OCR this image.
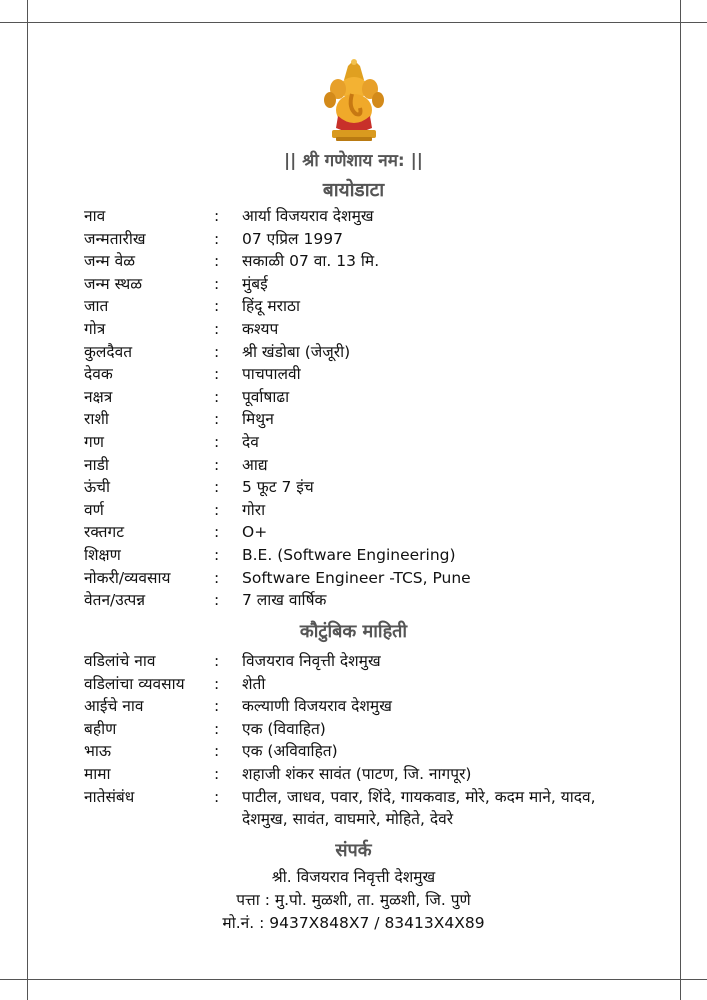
|| श्री गणेशाय नम: ||
बायोडाटा
नाव	:	आर्या विजयराव देशमुख
जन्मतारीख	:	07 एप्रिल 1997
जन्म वेळ	:	सकाळी 07 वा. 13 मि.
जन्म स्थळ	:	मुंबई
जात	:	हिंदू मराठा
गोत्र	:	कश्यप
कुलदैवत	:	श्री खंडोबा (जेजूरी)
देवक	:	पाचपालवी
नक्षत्र	:	पूर्वाषाढा
राशी	:	मिथुन
गण	:	देव
नाडी	:	आद्य
ऊंची	:	5 फूट 7 इंच
वर्ण	:	गोरा
रक्तगट	:	O+
शिक्षण	:	B.E. (Software Engineering)
नोकरी/व्यवसाय	:	Software Engineer -TCS, Pune
वेतन/उत्पन्न	:	7 लाख वार्षिक
कौटुंबिक माहिती
वडिलांचे नाव	:	विजयराव निवृत्ती देशमुख
वडिलांचा व्यवसाय	:	शेती
आईचे नाव	:	कल्याणी विजयराव देशमुख
बहीण	:	एक (विवाहित)
भाऊ	:	एक (अविवाहित)
मामा	:	शहाजी शंकर सावंत (पाटण, जि. नागपूर)
नातेसंबंध	:	पाटील, जाधव, पवार, शिंदे, गायकवाड, मोरे, कदम माने, यादव, देशमुख, सावंत, वाघमारे, मोहिते, देवरे
संपर्क
श्री. विजयराव निवृत्ती देशमुख
पत्ता : मु.पो. मुळशी, ता. मुळशी, जि. पुणे
मो.नं. : 9437X848X7 / 83413X4X89
